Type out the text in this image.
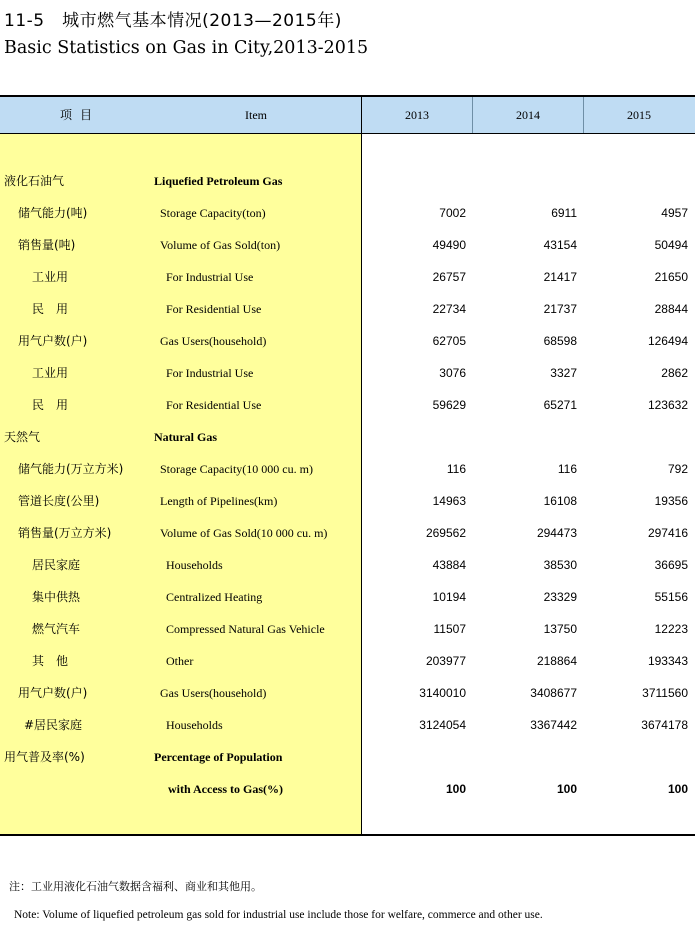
11-5　城市燃气基本情况(2013—2015年)
Basic Statistics on Gas in City,2013-2015
项目	Item	2013	2014	2015
液化石油气	Liquefied Petroleum Gas
储气能力(吨)	Storage Capacity(ton)	7002	6911	4957
销售量(吨)	Volume of Gas Sold(ton)	49490	43154	50494
工业用	For Industrial Use	26757	21417	21650
民　用	For Residential Use	22734	21737	28844
用气户数(户)	Gas Users(household)	62705	68598	126494
工业用	For Industrial Use	3076	3327	2862
民　用	For Residential Use	59629	65271	123632
天然气	Natural Gas
储气能力(万立方米)	Storage Capacity(10 000 cu. m)	116	116	792
管道长度(公里)	Length of Pipelines(km)	14963	16108	19356
销售量(万立方米)	Volume of Gas Sold(10 000 cu. m)	269562	294473	297416
居民家庭	Households	43884	38530	36695
集中供热	Centralized Heating	10194	23329	55156
燃气汽车	Compressed Natural Gas Vehicle	11507	13750	12223
其　他	Other	203977	218864	193343
用气户数(户)	Gas Users(household)	3140010	3408677	3711560
#居民家庭	Households	3124054	3367442	3674178
用气普及率(%)	Percentage of Population
with Access to Gas(%)	100	100	100
注：工业用液化石油气数据含福利、商业和其他用。
Note: Volume of liquefied petroleum gas sold for industrial use include those for welfare, commerce and other use.
